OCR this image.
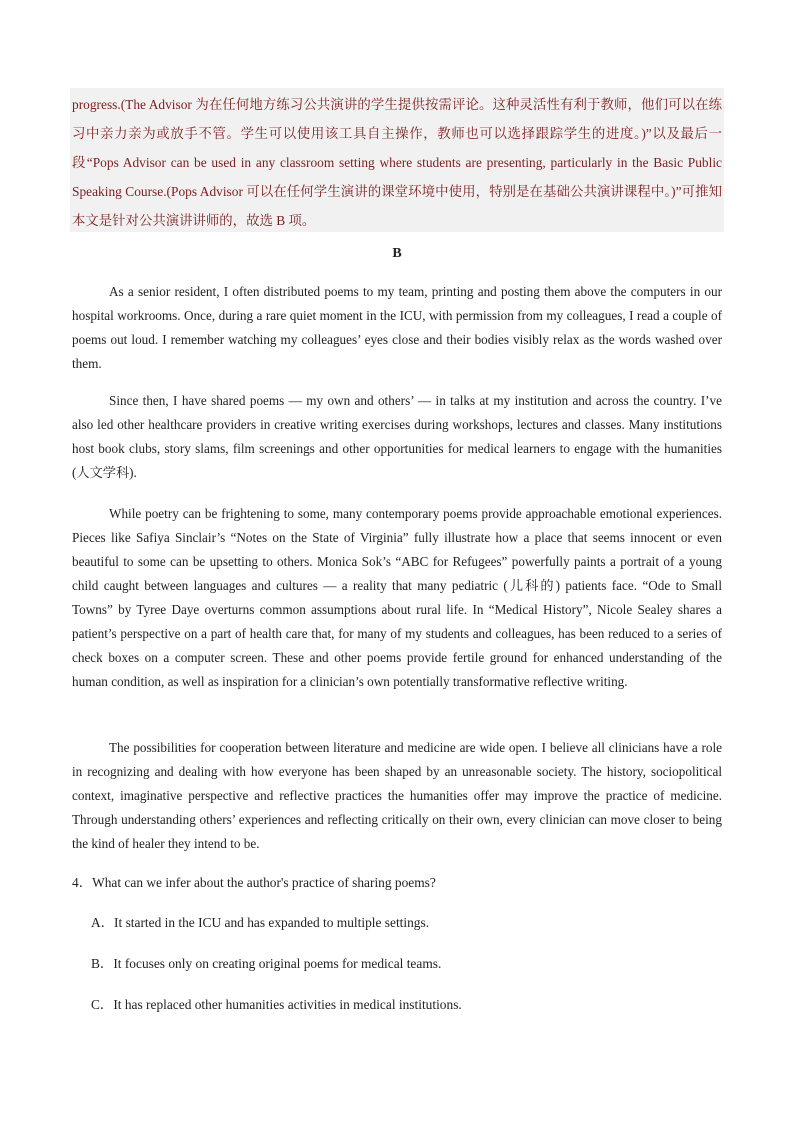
progress.(The Advisor 为在任何地方练习公共演讲的学生提供按需评论。这种灵活性有利于教师，他们可以在练习中亲力亲为或放手不管。学生可以使用该工具自主操作，教师也可以选择跟踪学生的进度。)”以及最后一段“Pops Advisor can be used in any classroom setting where students are presenting, particularly in the Basic Public Speaking Course.(Pops Advisor 可以在任何学生演讲的课堂环境中使用，特别是在基础公共演讲课程中。)”可推知本文是针对公共演讲讲师的，故选 B 项。

B

As a senior resident, I often distributed poems to my team, printing and posting them above the computers in our hospital workrooms. Once, during a rare quiet moment in the ICU, with permission from my colleagues, I read a couple of poems out loud. I remember watching my colleagues’ eyes close and their bodies visibly relax as the words washed over them.

Since then, I have shared poems — my own and others’ — in talks at my institution and across the country. I’ve also led other healthcare providers in creative writing exercises during workshops, lectures and classes. Many institutions host book clubs, story slams, film screenings and other opportunities for medical learners to engage with the humanities (人文学科).

While poetry can be frightening to some, many contemporary poems provide approachable emotional experiences. Pieces like Safiya Sinclair’s “Notes on the State of Virginia” fully illustrate how a place that seems innocent or even beautiful to some can be upsetting to others. Monica Sok’s “ABC for Refugees” powerfully paints a portrait of a young child caught between languages and cultures — a reality that many pediatric (儿科的) patients face. “Ode to Small Towns” by Tyree Daye overturns common assumptions about rural life. In “Medical History”, Nicole Sealey shares a patient’s perspective on a part of health care that, for many of my students and colleagues, has been reduced to a series of check boxes on a computer screen. These and other poems provide fertile ground for enhanced understanding of the human condition, as well as inspiration for a clinician’s own potentially transformative reflective writing.

The possibilities for cooperation between literature and medicine are wide open. I believe all clinicians have a role in recognizing and dealing with how everyone has been shaped by an unreasonable society. The history, sociopolitical context, imaginative perspective and reflective practices the humanities offer may improve the practice of medicine. Through understanding others’ experiences and reflecting critically on their own, every clinician can move closer to being the kind of healer they intend to be.

4．What can we infer about the author's practice of sharing poems?
A．It started in the ICU and has expanded to multiple settings.
B．It focuses only on creating original poems for medical teams.
C．It has replaced other humanities activities in medical institutions.
